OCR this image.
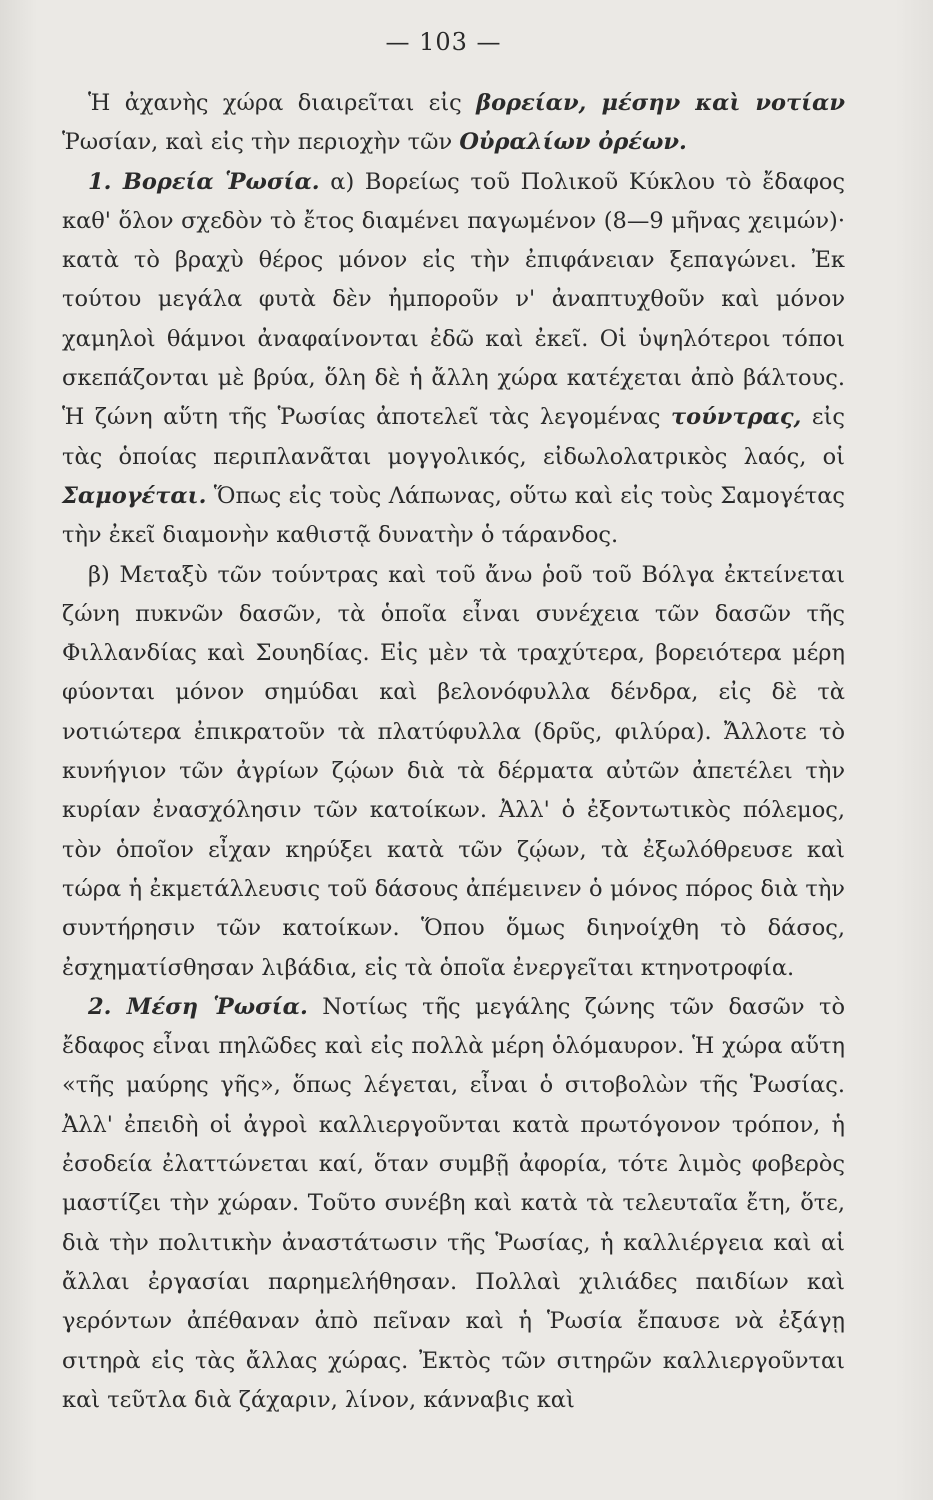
— 103 —

Ἡ ἀχανὴς χώρα διαιρεῖται εἰς βορείαν, μέσην καὶ νοτίαν Ῥωσίαν, καὶ εἰς τὴν περιοχὴν τῶν Οὐραλίων ὀρέων.

1. Βορεία Ῥωσία. α) Βορείως τοῦ Πολικοῦ Κύκλου τὸ ἔδαφος καθ' ὅλον σχεδὸν τὸ ἔτος διαμένει παγωμένον (8—9 μῆνας χειμών)· κατὰ τὸ βραχὺ θέρος μόνον εἰς τὴν ἐπιφάνειαν ξεπαγώνει. Ἐκ τούτου μεγάλα φυτὰ δὲν ἠμποροῦν ν' ἀναπτυχθοῦν καὶ μόνον χαμηλοὶ θάμνοι ἀναφαίνονται ἐδῶ καὶ ἐκεῖ. Οἱ ὑψηλότεροι τόποι σκεπάζονται μὲ βρύα, ὅλη δὲ ἡ ἄλλη χώρα κατέχεται ἀπὸ βάλτους. Ἡ ζώνη αὕτη τῆς Ῥωσίας ἀποτελεῖ τὰς λεγομένας τούντρας, εἰς τὰς ὁποίας περιπλανᾶται μογγολικός, εἰδωλολατρικὸς λαός, οἱ Σαμογέται. Ὅπως εἰς τοὺς Λάπωνας, οὕτω καὶ εἰς τοὺς Σαμογέτας τὴν ἐκεῖ διαμονὴν καθιστᾷ δυνατὴν ὁ τάρανδος.

β) Μεταξὺ τῶν τούντρας καὶ τοῦ ἄνω ῥοῦ τοῦ Βόλγα ἐκτείνεται ζώνη πυκνῶν δασῶν, τὰ ὁποῖα εἶναι συνέχεια τῶν δασῶν τῆς Φιλλανδίας καὶ Σουηδίας. Εἰς μὲν τὰ τραχύτερα, βορειότερα μέρη φύονται μόνον σημύδαι καὶ βελονόφυλλα δένδρα, εἰς δὲ τὰ νοτιώτερα ἐπικρατοῦν τὰ πλατύφυλλα (δρῦς, φιλύρα). Ἄλλοτε τὸ κυνήγιον τῶν ἀγρίων ζῴων διὰ τὰ δέρματα αὐτῶν ἀπετέλει τὴν κυρίαν ἐνασχόλησιν τῶν κατοίκων. Ἀλλ' ὁ ἐξοντωτικὸς πόλεμος, τὸν ὁποῖον εἶχαν κηρύξει κατὰ τῶν ζῴων, τὰ ἐξωλόθρευσε καὶ τώρα ἡ ἐκμετάλλευσις τοῦ δάσους ἀπέμεινεν ὁ μόνος πόρος διὰ τὴν συντήρησιν τῶν κατοίκων. Ὅπου ὅμως διηνοίχθη τὸ δάσος, ἐσχηματίσθησαν λιβάδια, εἰς τὰ ὁποῖα ἐνεργεῖται κτηνοτροφία.

2. Μέση Ῥωσία. Νοτίως τῆς μεγάλης ζώνης τῶν δασῶν τὸ ἔδαφος εἶναι πηλῶδες καὶ εἰς πολλὰ μέρη ὁλόμαυρον. Ἡ χώρα αὕτη «τῆς μαύρης γῆς», ὅπως λέγεται, εἶναι ὁ σιτοβολὼν τῆς Ῥωσίας. Ἀλλ' ἐπειδὴ οἱ ἀγροὶ καλλιεργοῦνται κατὰ πρωτόγονον τρόπον, ἡ ἐσοδεία ἐλαττώνεται καί, ὅταν συμβῇ ἀφορία, τότε λιμὸς φοβερὸς μαστίζει τὴν χώραν. Τοῦτο συνέβη καὶ κατὰ τὰ τελευταῖα ἔτη, ὅτε, διὰ τὴν πολιτικὴν ἀναστάτωσιν τῆς Ῥωσίας, ἡ καλλιέργεια καὶ αἱ ἄλλαι ἐργασίαι παρημελήθησαν. Πολλαὶ χιλιάδες παιδίων καὶ γερόντων ἀπέθαναν ἀπὸ πεῖναν καὶ ἡ Ῥωσία ἔπαυσε νὰ ἐξάγῃ σιτηρὰ εἰς τὰς ἄλλας χώρας. Ἐκτὸς τῶν σιτηρῶν καλλιεργοῦνται καὶ τεῦτλα διὰ ζάχαριν, λίνον, κάνναβις καὶ
